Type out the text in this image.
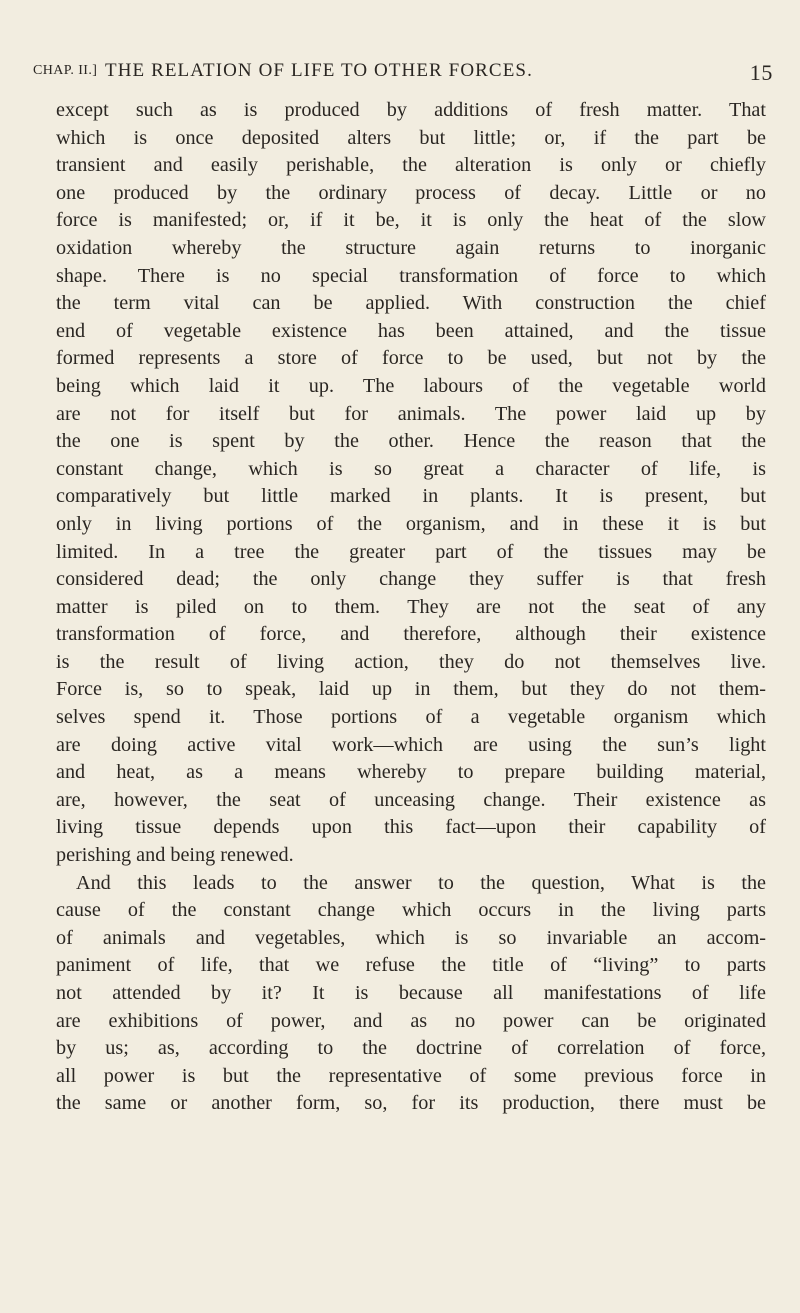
CHAP. II.] THE RELATION OF LIFE TO OTHER FORCES.	15
except such as is produced by additions of fresh matter. That
which is once deposited alters but little; or, if the part be
transient and easily perishable, the alteration is only or chiefly
one produced by the ordinary process of decay. Little or no
force is manifested; or, if it be, it is only the heat of the slow
oxidation whereby the structure again returns to inorganic
shape. There is no special transformation of force to which
the term vital can be applied. With construction the chief
end of vegetable existence has been attained, and the tissue
formed represents a store of force to be used, but not by the
being which laid it up. The labours of the vegetable world
are not for itself but for animals. The power laid up by
the one is spent by the other. Hence the reason that the
constant change, which is so great a character of life, is
comparatively but little marked in plants. It is present, but
only in living portions of the organism, and in these it is but
limited. In a tree the greater part of the tissues may be
considered dead; the only change they suffer is that fresh
matter is piled on to them. They are not the seat of any
transformation of force, and therefore, although their existence
is the result of living action, they do not themselves live.
Force is, so to speak, laid up in them, but they do not them-
selves spend it. Those portions of a vegetable organism which
are doing active vital work—which are using the sun’s light
and heat, as a means whereby to prepare building material,
are, however, the seat of unceasing change. Their existence as
living tissue depends upon this fact—upon their capability of
perishing and being renewed.
And this leads to the answer to the question, What is the
cause of the constant change which occurs in the living parts
of animals and vegetables, which is so invariable an accom-
paniment of life, that we refuse the title of “living” to parts
not attended by it? It is because all manifestations of life
are exhibitions of power, and as no power can be originated
by us; as, according to the doctrine of correlation of force,
all power is but the representative of some previous force in
the same or another form, so, for its production, there must be
